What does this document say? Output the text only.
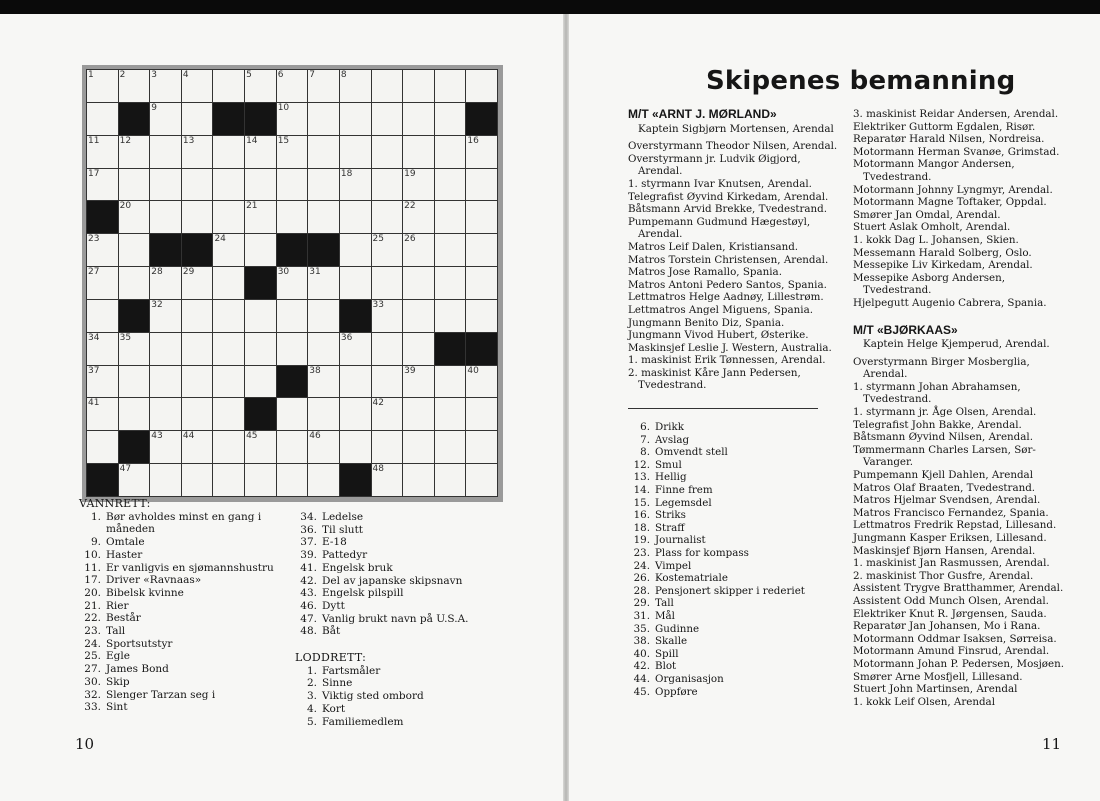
1	2	3	4	5	6	7	8
9	10
11 12	13	14 15	16
17	18	19
20	21	22
23	24	25 26
27	28 29	30 31
32	33
34 35	36
37	38	39	40
41	42
43 44	45	46
47	48

VANNRETT:

1. Bør avholdes minst en gang i måneden
9. Omtale
10. Haster
11. Er vanligvis en sjømannshustru
17. Driver «Ravnaas»
20. Bibelsk kvinne
21. Rier
22. Består
23. Tall
24. Sportsutstyr
25. Egle
27. James Bond
30. Skip
32. Slenger Tarzan seg i
33. Sint
34. Ledelse
36. Til slutt
37. E-18
39. Pattedyr
41. Engelsk bruk
42. Del av japanske skipsnavn
43. Engelsk pilspill
46. Dytt
47. Vanlig brukt navn på U.S.A.
48. Båt

LODDRETT:

1. Fartsmåler
2. Sinne
3. Viktig sted ombord
4. Kort
5. Familiemedlem
10
Skipenes bemanning

M/T «ARNT J. MØRLAND»

Kaptein Sigbjørn Mortensen, Arendal
Overstyrmann Theodor Nilsen, Arendal.
Overstyrmann jr. Ludvik Øigjord, Arendal.
1. styrmann Ivar Knutsen, Arendal.
Telegrafist Øyvind Kirkedam, Arendal.
Båtsmann Arvid Brekke, Tvedestrand.
Pumpemann Gudmund Hægestøyl, Arendal.
Matros Leif Dalen, Kristiansand.
Matros Torstein Christensen, Arendal.
Matros Jose Ramallo, Spania.
Matros Antoni Pedero Santos, Spania.
Lettmatros Helge Aadnøy, Lillestrøm.
Lettmatros Angel Miguens, Spania.
Jungmann Benito Diz, Spania.
Jungmann Vivod Hubert, Østerike.
Maskinsjef Leslie J. Western, Australia.
1. maskinist Erik Tønnessen, Arendal.
2. maskinist Kåre Jann Pedersen, Tvedestrand.
6. Drikk
7. Avslag
8. Omvendt stell
12. Smul
13. Hellig
14. Finne frem
15. Legemsdel
16. Striks
18. Straff
19. Journalist
23. Plass for kompass
24. Vimpel
26. Kostematriale
28. Pensjonert skipper i rederiet
29. Tall
31. Mål
35. Gudinne
38. Skalle
40. Spill
42. Blot
44. Organisasjon
45. Oppføre
3. maskinist Reidar Andersen, Arendal.
Elektriker Guttorm Egdalen, Risør.
Reparatør Harald Nilsen, Nordreisa.
Motormann Herman Svanøe, Grimstad.
Motormann Mangor Andersen, Tvedestrand.
Motormann Johnny Lyngmyr, Arendal.
Motormann Magne Toftaker, Oppdal.
Smører Jan Omdal, Arendal.
Stuert Aslak Omholt, Arendal.
1. kokk Dag L. Johansen, Skien.
Messemann Harald Solberg, Oslo.
Messepike Liv Kirkedam, Arendal.
Messepike Asborg Andersen, Tvedestrand.
Hjelpegutt Augenio Cabrera, Spania.

M/T «BJØRKAAS»

Kaptein Helge Kjemperud, Arendal.
Overstyrmann Birger Mosberglia, Arendal.
1. styrmann Johan Abrahamsen, Tvedestrand.
1. styrmann jr. Åge Olsen, Arendal.
Telegrafist John Bakke, Arendal.
Båtsmann Øyvind Nilsen, Arendal.
Tømmermann Charles Larsen, Sør-Varanger.
Pumpemann Kjell Dahlen, Arendal
Matros Olaf Braaten, Tvedestrand.
Matros Hjelmar Svendsen, Arendal.
Matros Francisco Fernandez, Spania.
Lettmatros Fredrik Repstad, Lillesand.
Jungmann Kasper Eriksen, Lillesand.
Maskinsjef Bjørn Hansen, Arendal.
1. maskinist Jan Rasmussen, Arendal.
2. maskinist Thor Gusfre, Arendal.
Assistent Trygve Bratthammer, Arendal.
Assistent Odd Munch Olsen, Arendal.
Elektriker Knut R. Jørgensen, Sauda.
Reparatør Jan Johansen, Mo i Rana.
Motormann Oddmar Isaksen, Sørreisa.
Motormann Amund Finsrud, Arendal.
Motormann Johan P. Pedersen, Mosjøen.
Smører Arne Mosfjell, Lillesand.
Stuert John Martinsen, Arendal
1. kokk Leif Olsen, Arendal
11
